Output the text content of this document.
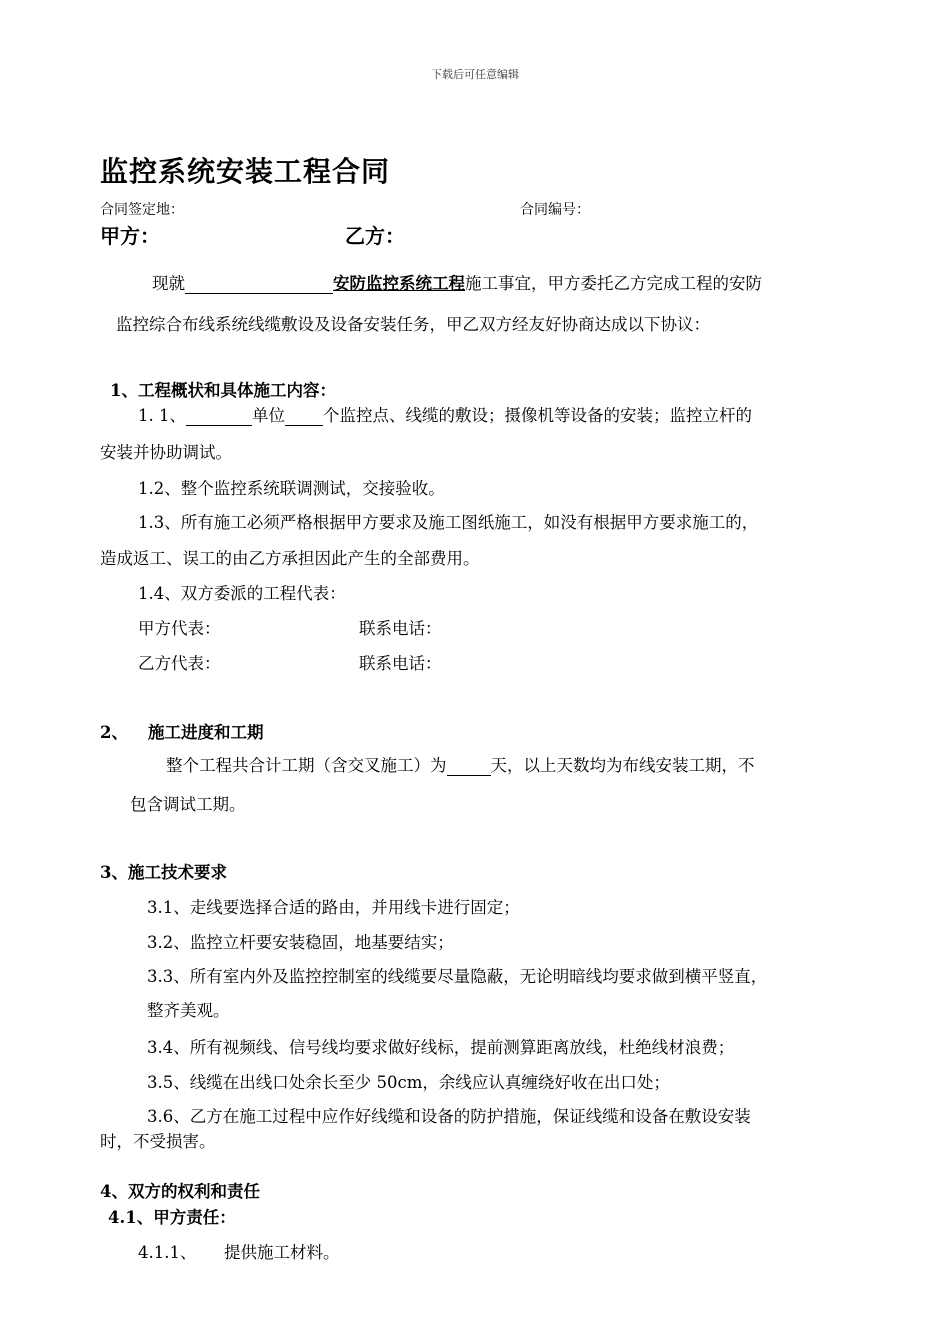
下载后可任意编辑
监控系统安装工程合同
合同签定地：	合同编号：
甲方：	乙方：
现就	安防监控系统工程施工事宜，甲方委托乙方完成工程的安防
监控综合布线系统线缆敷设及设备安装任务，甲乙双方经友好协商达成以下协议：
1、工程概状和具体施工内容：
1. 1、	单位 个监控点、线缆的敷设；摄像机等设备的安装；监控立杆的
安装并协助调试。
1.2、整个监控系统联调测试，交接验收。
1.3、所有施工必须严格根据甲方要求及施工图纸施工，如没有根据甲方要求施工的，
造成返工、误工的由乙方承担因此产生的全部费用。
1.4、双方委派的工程代表：
甲方代表：	联系电话：
乙方代表：	联系电话：
2、 施工进度和工期
整个工程共合计工期（含交叉施工）为	天，以上天数均为布线安装工期，不
包含调试工期。
3、施工技术要求
3.1、走线要选择合适的路由，并用线卡进行固定；
3.2、监控立杆要安装稳固，地基要结实；
3.3、所有室内外及监控控制室的线缆要尽量隐蔽，无论明暗线均要求做到横平竖直，
整齐美观。
3.4、所有视频线、信号线均要求做好线标，提前测算距离放线，杜绝线材浪费；
3.5、线缆在出线口处余长至少 50cm，余线应认真缠绕好收在出口处；
3.6、乙方在施工过程中应作好线缆和设备的防护措施，保证线缆和设备在敷设安装
时，不受损害。
4、双方的权利和责任
4.1、甲方责任：
4.1.1、 提供施工材料。
